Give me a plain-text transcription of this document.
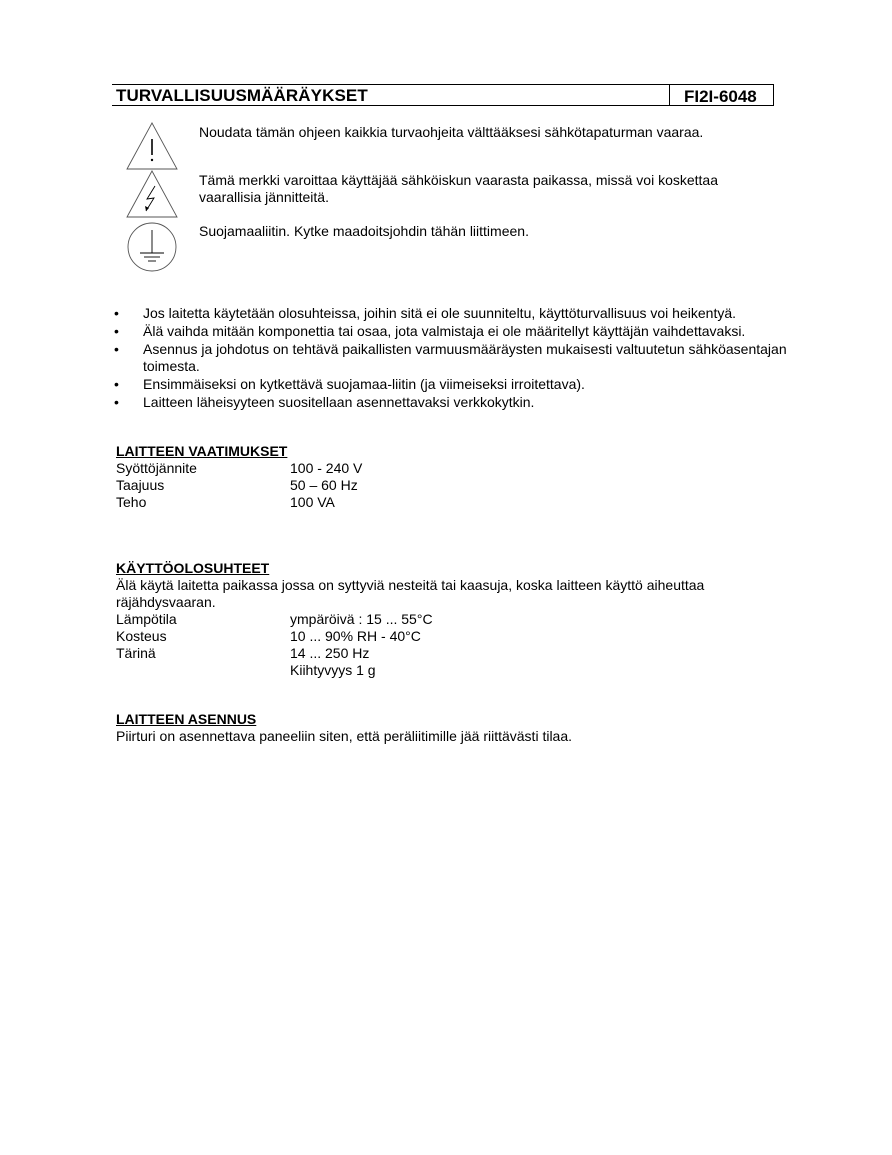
TURVALLISUUSMÄÄRÄYKSET	FI2I-6048
Noudata tämän ohjeen kaikkia turvaohjeita välttääksesi sähkötapaturman vaaraa.
Tämä merkki varoittaa käyttäjää sähköiskun vaarasta paikassa, missä voi koskettaa vaarallisia jännitteitä.
Suojamaaliitin. Kytke maadoitsjohdin tähän liittimeen.
• Jos laitetta käytetään olosuhteissa, joihin sitä ei ole suunniteltu, käyttöturvallisuus voi heikentyä.
• Älä vaihda mitään komponettia tai osaa, jota valmistaja ei ole määritellyt käyttäjän vaihdettavaksi.
• Asennus ja johdotus on tehtävä paikallisten varmuusmääräysten mukaisesti valtuutetun sähköasentajan toimesta.
• Ensimmäiseksi on kytkettävä suojamaa-liitin (ja viimeiseksi irroitettava).
• Laitteen läheisyyteen suositellaan asennettavaksi verkkokytkin.
LAITTEEN VAATIMUKSET
Syöttöjännite	100 - 240 V
Taajuus	50 – 60 Hz
Teho	100 VA
KÄYTTÖOLOSUHTEET
Älä käytä laitetta paikassa jossa on syttyviä nesteitä tai kaasuja, koska laitteen käyttö aiheuttaa räjähdysvaaran.
Lämpötila	ympäröivä : 15 ... 55°C
Kosteus	10 ... 90% RH - 40°C
Tärinä	14 ... 250 Hz
Kiihtyvyys 1 g
LAITTEEN ASENNUS
Piirturi on asennettava paneeliin siten, että peräliitimille jää riittävästi tilaa.
